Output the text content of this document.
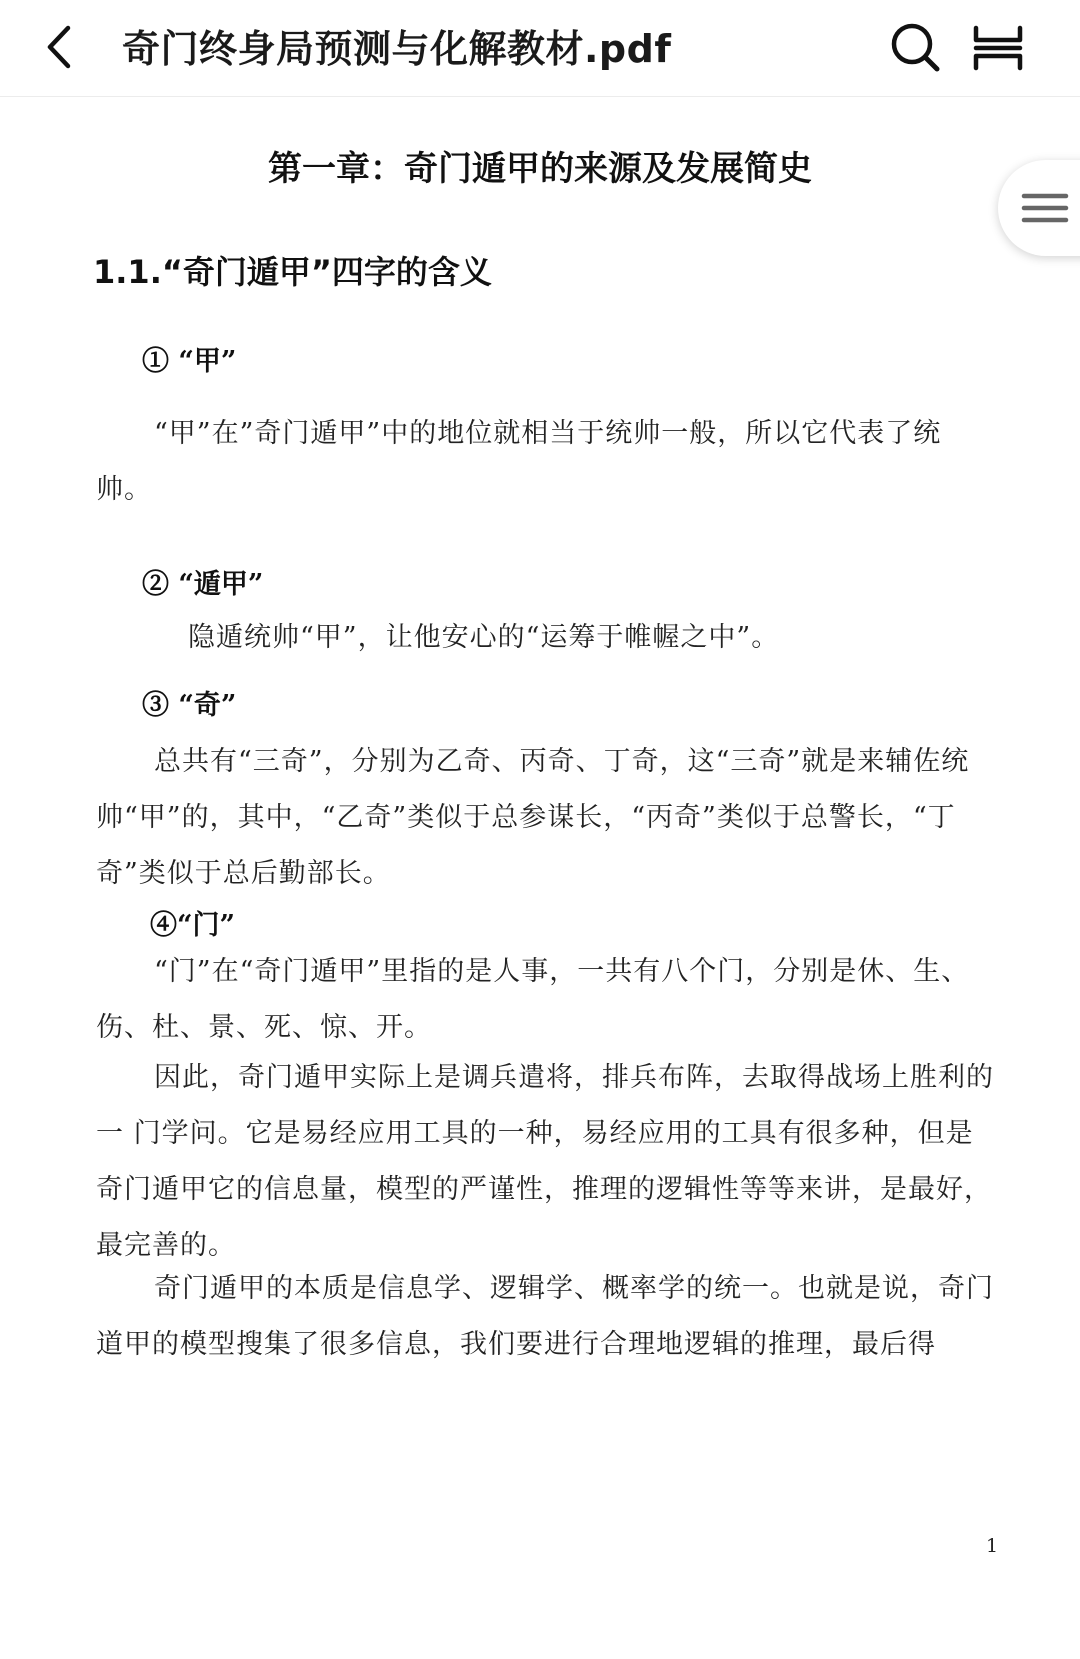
奇门终身局预测与化解教材.pdf
第一章：奇门遁甲的来源及发展简史
1.1.“奇门遁甲”四字的含义
① “甲”
“甲”在”奇门遁甲”中的地位就相当于统帅一般，所以它代表了统帅。
② “遁甲”
隐遁统帅“甲”，让他安心的“运筹于帷幄之中”。
③ “奇”
总共有“三奇”，分别为乙奇、丙奇、丁奇，这“三奇”就是来辅佐统帅“甲”的，其中，“乙奇”类似于总参谋长，“丙奇”类似于总警长，“丁奇”类似于总后勤部长。
④“门”
“门”在“奇门遁甲”里指的是人事，一共有八个门，分别是休、生、伤、杜、景、死、惊、开。
因此，奇门遁甲实际上是调兵遣将，排兵布阵，去取得战场上胜利的一 门学问。它是易经应用工具的一种，易经应用的工具有很多种，但是奇门遁甲它的信息量，模型的严谨性，推理的逻辑性等等来讲，是最好，最完善的。
奇门遁甲的本质是信息学、逻辑学、概率学的统一。也就是说，奇门道甲的模型搜集了很多信息，我们要进行合理地逻辑的推理，最后得
1
